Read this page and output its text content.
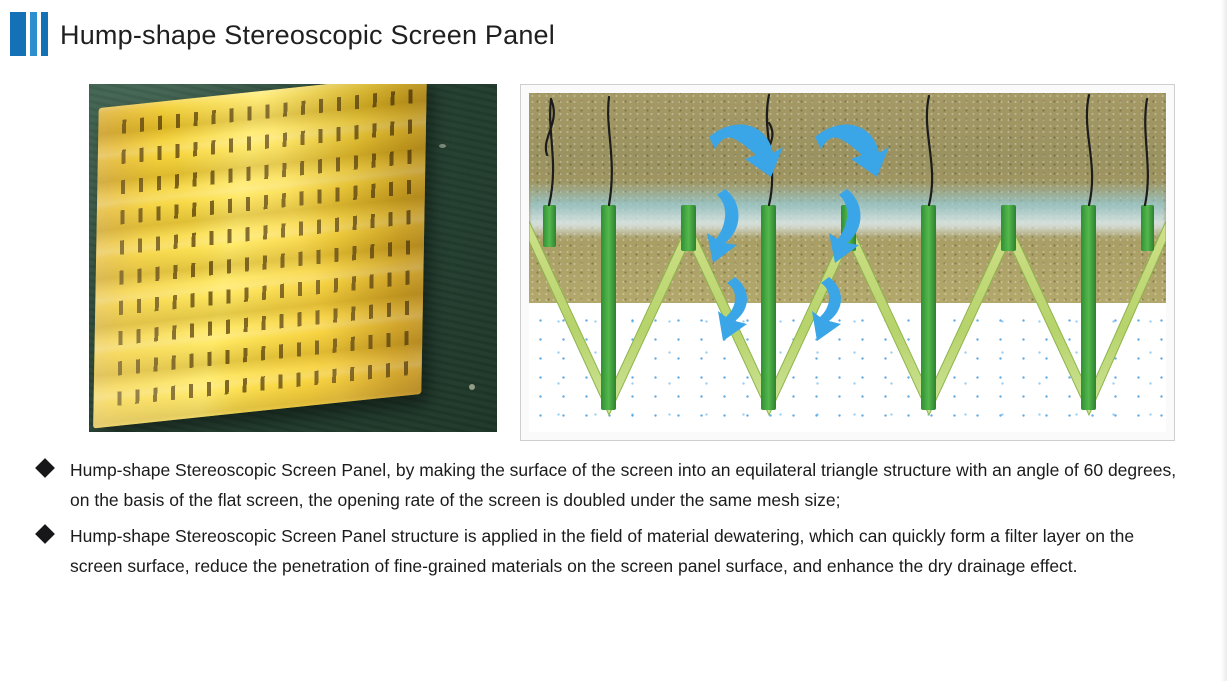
Hump-shape Stereoscopic Screen Panel
Hump-shape Stereoscopic Screen Panel, by making the surface of the screen into an equilateral triangle structure with an angle of 60 degrees, on the basis of the flat screen, the opening rate of the screen is doubled under the same mesh size;
Hump-shape Stereoscopic Screen Panel structure is applied in the field of material dewatering, which can quickly form a filter layer on the screen surface, reduce the penetration of fine-grained materials on the screen panel surface, and enhance the dry drainage effect.
